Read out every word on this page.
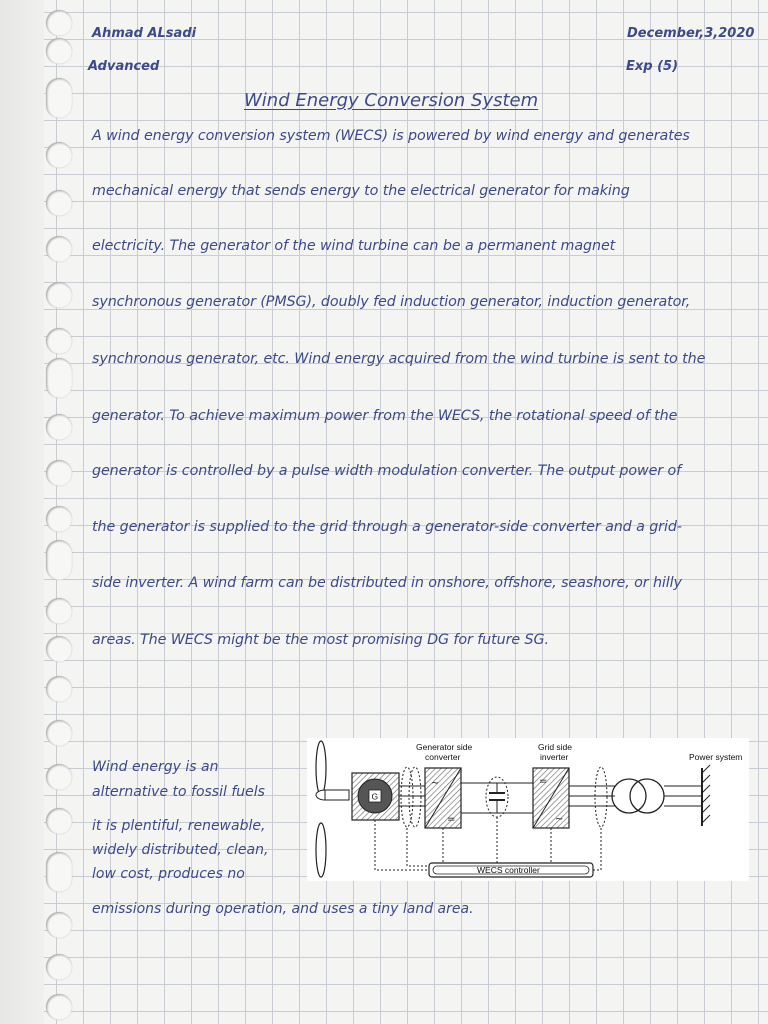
Ahmad ALsadi	December,3,2020
Advanced	Exp (5)
Wind Energy Conversion System
A wind energy conversion system (WECS) is powered by wind energy and generates
mechanical energy that sends energy to the electrical generator for making
electricity. The generator of the wind turbine can be a permanent magnet
synchronous generator (PMSG), doubly fed induction generator, induction generator,
synchronous generator, etc. Wind energy acquired from the wind turbine is sent to the
generator. To achieve maximum power from the WECS, the rotational speed of the
generator is controlled by a pulse width modulation converter. The output power of
the generator is supplied to the grid through a generator-side converter and a grid-
side inverter. A wind farm can be distributed in onshore, offshore, seashore, or hilly
areas. The WECS might be the most promising DG for future SG.
Wind energy is an
alternative to fossil fuels
it is plentiful, renewable,
widely distributed, clean,
low cost, produces no
emissions during operation, and uses a tiny land area.
G
~
=
Generator side
converter
=
~
Grid side
inverter	Power system
WECS controller
